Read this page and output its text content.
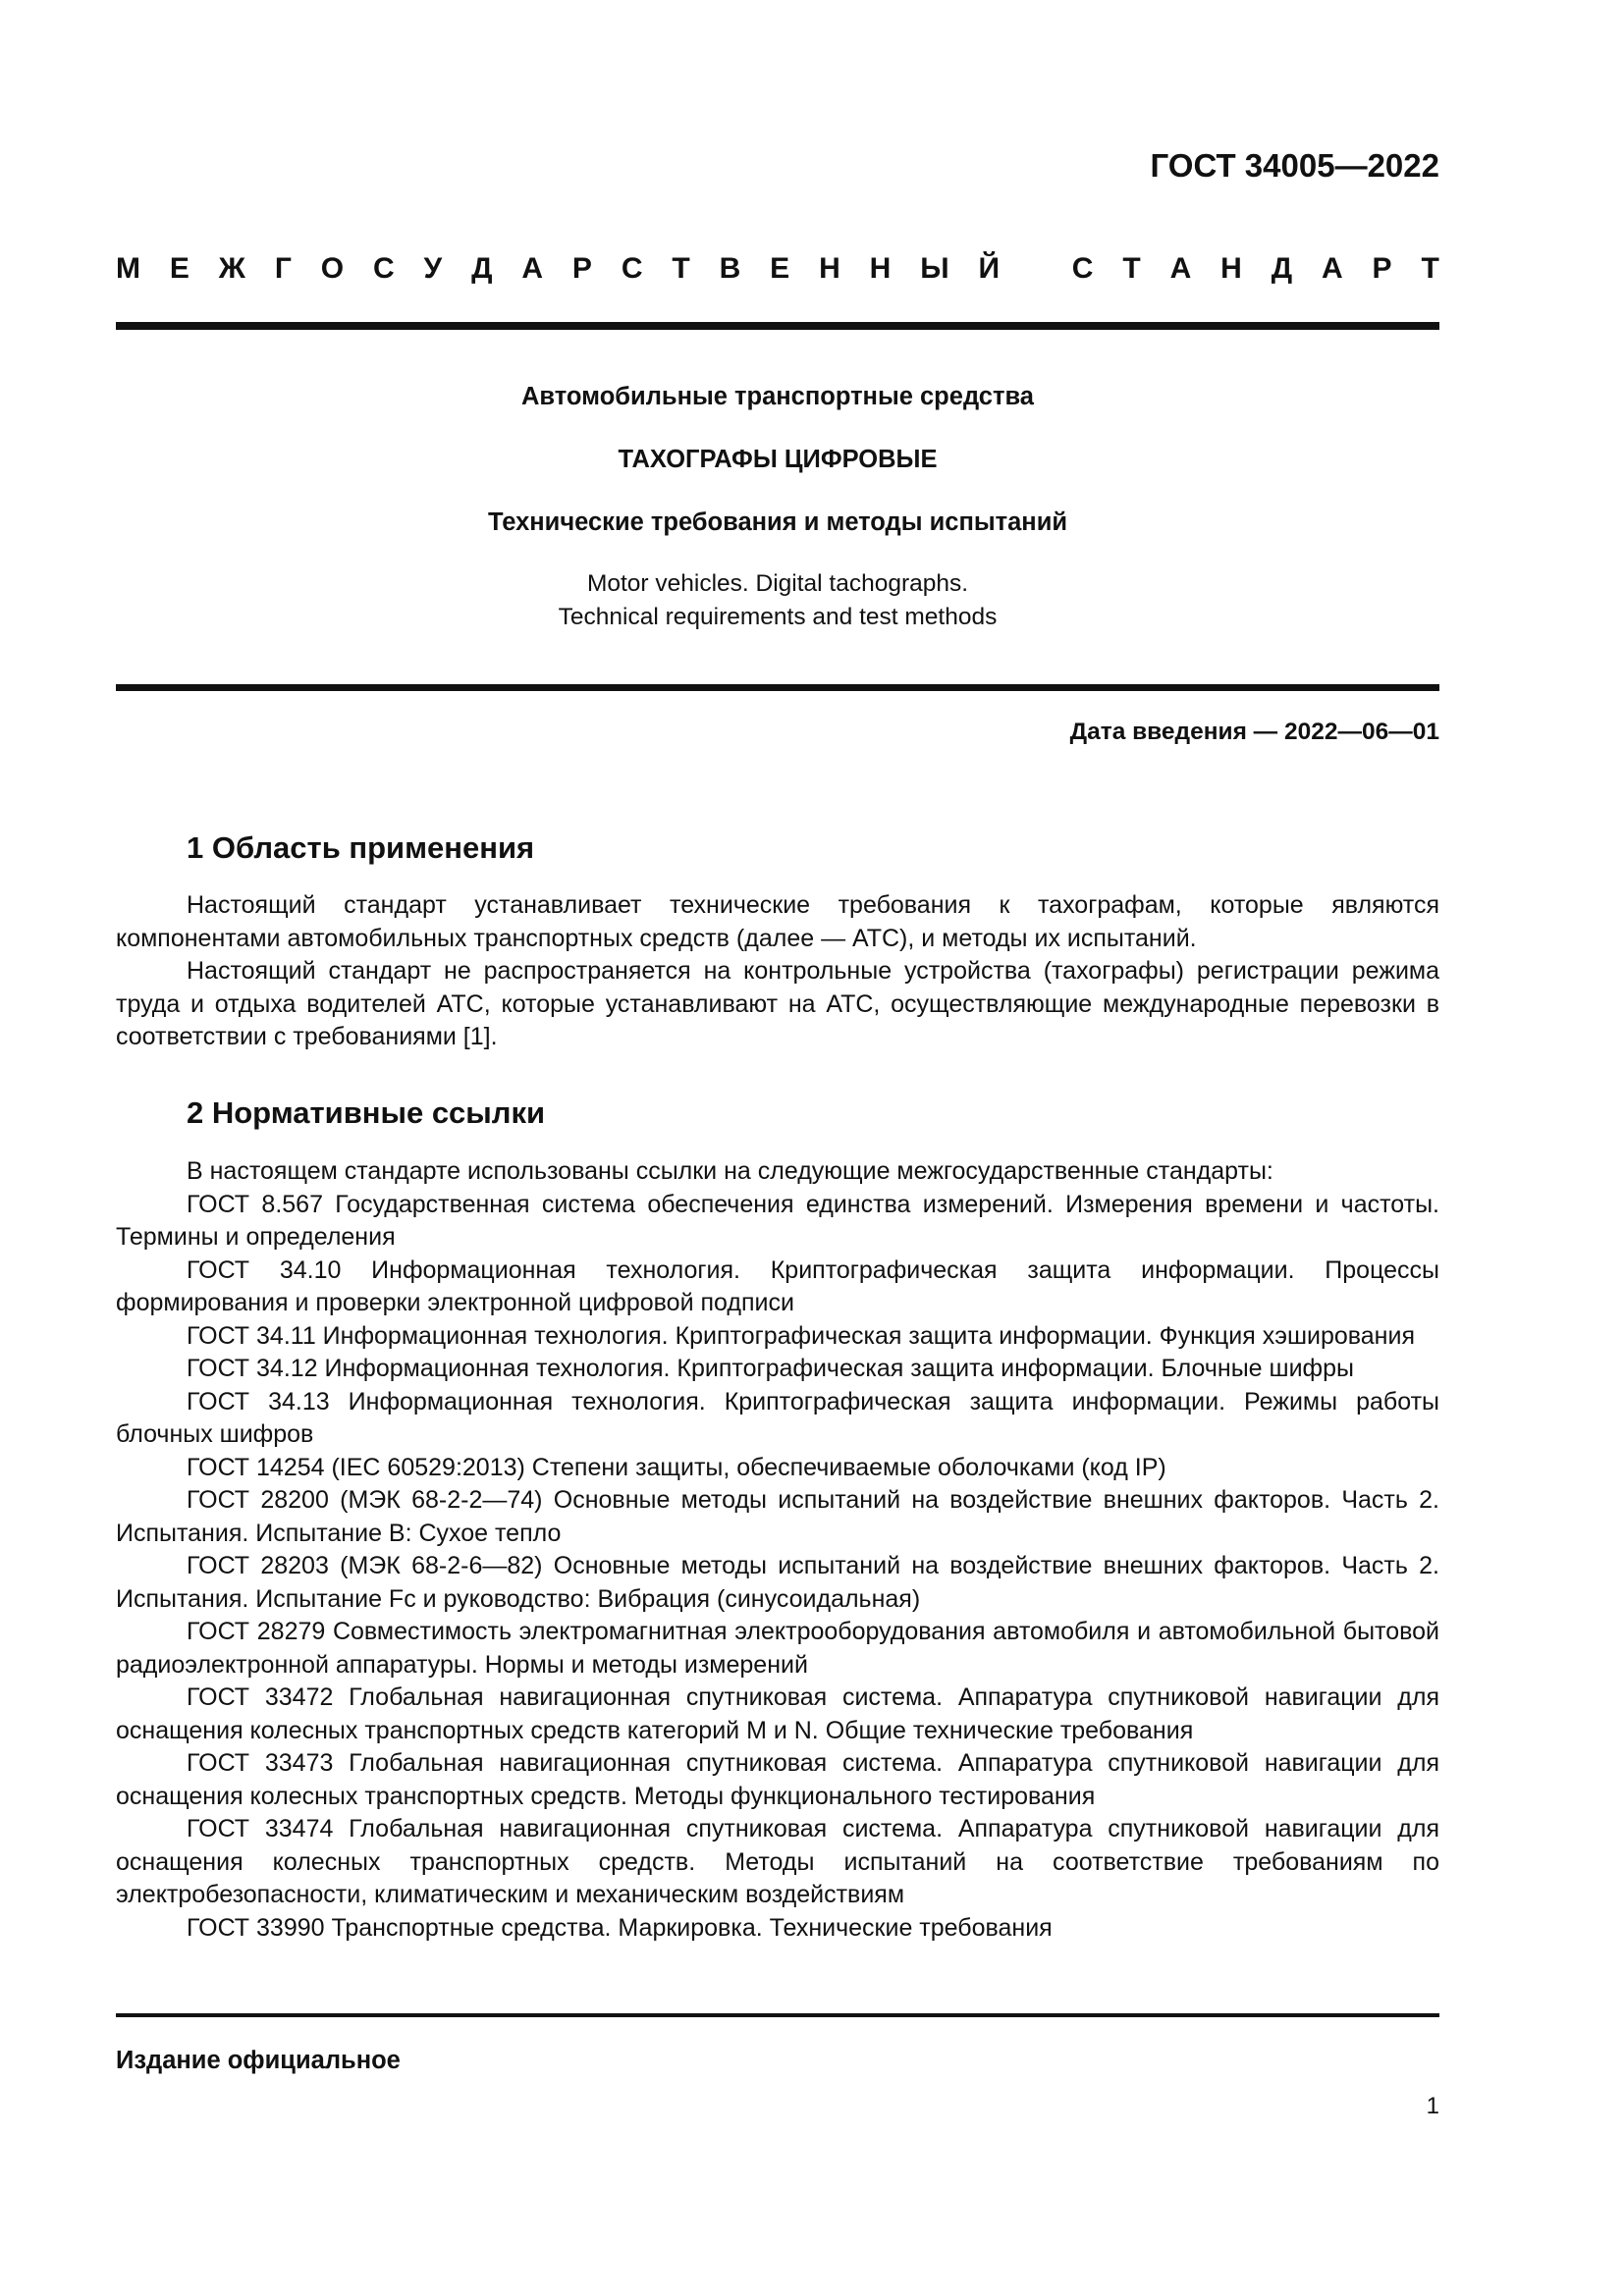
ГОСТ 34005—2022
М Е Ж Г О С У Д А Р С Т В Е Н Н Ы Й С Т А Н Д А Р Т
Автомобильные транспортные средства
ТАХОГРАФЫ ЦИФРОВЫЕ
Технические требования и методы испытаний
Motor vehicles. Digital tachographs.
Technical requirements and test methods
Дата введения — 2022—06—01
1 Область применения

Настоящий стандарт устанавливает технические требования к тахографам, которые являются компонентами автомобильных транспортных средств (далее — АТС), и методы их испытаний.

Настоящий стандарт не распространяется на контрольные устройства (тахографы) регистрации режима труда и отдыха водителей АТС, которые устанавливают на АТС, осуществляющие международные перевозки в соответствии с требованиями [1].

2 Нормативные ссылки

В настоящем стандарте использованы ссылки на следующие межгосударственные стандарты:

ГОСТ 8.567 Государственная система обеспечения единства измерений. Измерения времени и частоты. Термины и определения

ГОСТ 34.10 Информационная технология. Криптографическая защита информации. Процессы формирования и проверки электронной цифровой подписи

ГОСТ 34.11 Информационная технология. Криптографическая защита информации. Функция хэширования

ГОСТ 34.12 Информационная технология. Криптографическая защита информации. Блочные шифры

ГОСТ 34.13 Информационная технология. Криптографическая защита информации. Режимы работы блочных шифров

ГОСТ 14254 (IEC 60529:2013) Степени защиты, обеспечиваемые оболочками (код IP)

ГОСТ 28200 (МЭК 68-2-2—74) Основные методы испытаний на воздействие внешних факторов. Часть 2. Испытания. Испытание В: Сухое тепло

ГОСТ 28203 (МЭК 68-2-6—82) Основные методы испытаний на воздействие внешних факторов. Часть 2. Испытания. Испытание Fc и руководство: Вибрация (синусоидальная)

ГОСТ 28279 Совместимость электромагнитная электрооборудования автомобиля и автомобильной бытовой радиоэлектронной аппаратуры. Нормы и методы измерений

ГОСТ 33472 Глобальная навигационная спутниковая система. Аппаратура спутниковой навигации для оснащения колесных транспортных средств категорий М и N. Общие технические требования

ГОСТ 33473 Глобальная навигационная спутниковая система. Аппаратура спутниковой навигации для оснащения колесных транспортных средств. Методы функционального тестирования

ГОСТ 33474 Глобальная навигационная спутниковая система. Аппаратура спутниковой навигации для оснащения колесных транспортных средств. Методы испытаний на соответствие требованиям по электробезопасности, климатическим и механическим воздействиям

ГОСТ 33990 Транспортные средства. Маркировка. Технические требования

Издание официальное
1
